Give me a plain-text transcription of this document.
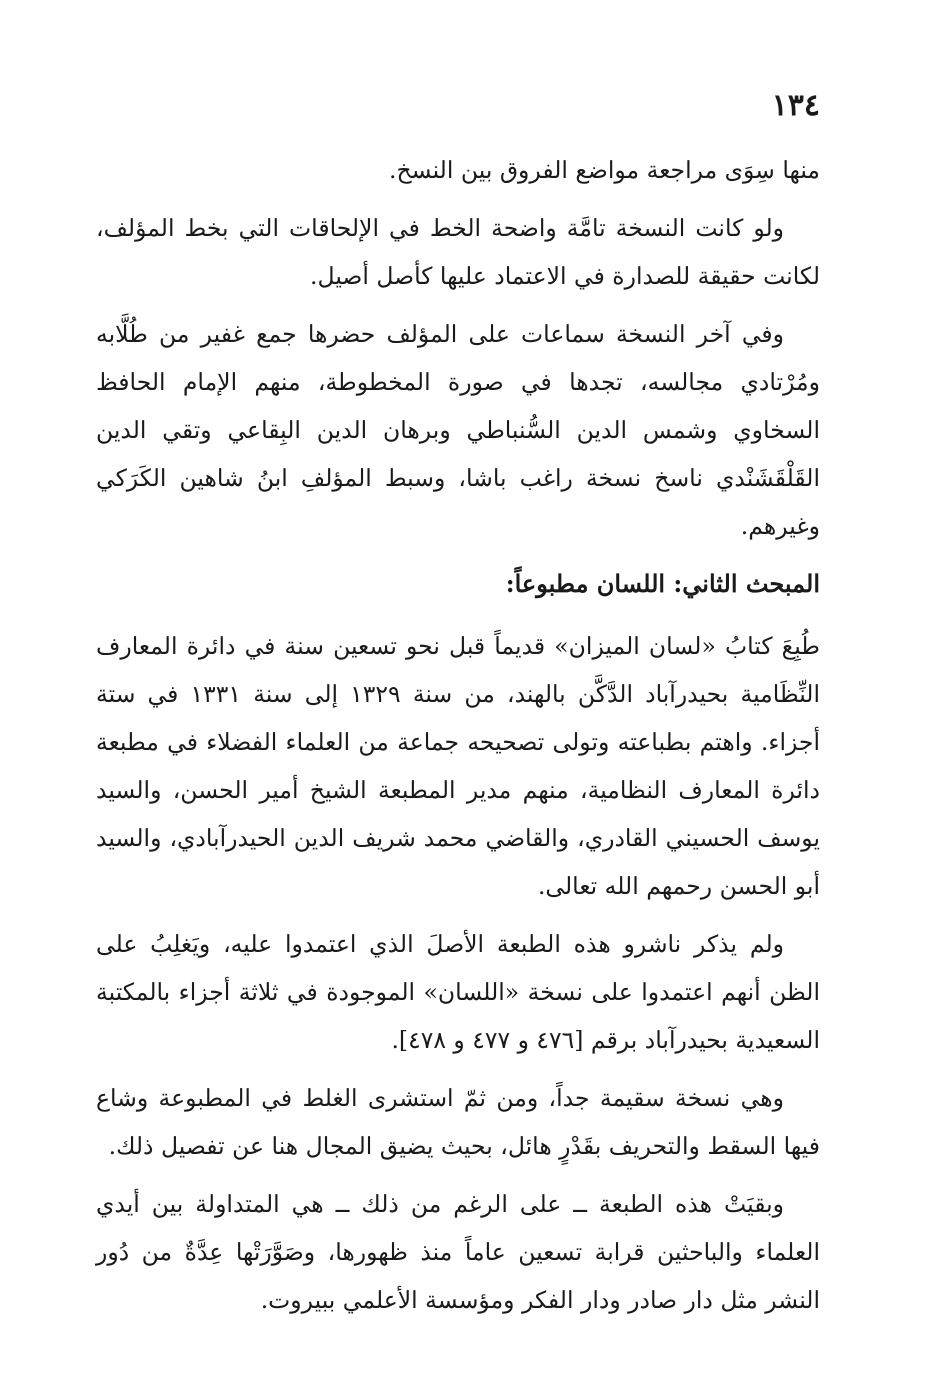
١٣٤

منها سِوَى مراجعة مواضع الفروق بين النسخ.

ولو كانت النسخة تامَّة واضحة الخط في الإلحاقات التي بخط المؤلف، لكانت حقيقة للصدارة في الاعتماد عليها كأصل أصيل.

وفي آخر النسخة سماعات على المؤلف حضرها جمع غفير من طُلَّابه ومُرْتادي مجالسه، تجدها في صورة المخطوطة، منهم الإمام الحافظ السخاوي وشمس الدين السُّنباطي وبرهان الدين البِقاعي وتقي الدين القَلْقَشَنْدي ناسخ نسخة راغب باشا، وسبط المؤلفِ ابنُ شاهين الكَرَكي وغيرهم.

المبحث الثاني: اللسان مطبوعاً:

طُبِعَ كتابُ «لسان الميزان» قديماً قبل نحو تسعين سنة في دائرة المعارف النِّظَامية بحيدرآباد الدَّكَّن بالهند، من سنة ١٣٢٩ إلى سنة ١٣٣١ في ستة أجزاء. واهتم بطباعته وتولى تصحيحه جماعة من العلماء الفضلاء في مطبعة دائرة المعارف النظامية، منهم مدير المطبعة الشيخ أمير الحسن، والسيد يوسف الحسيني القادري، والقاضي محمد شريف الدين الحيدرآبادي، والسيد أبو الحسن رحمهم الله تعالى.

ولم يذكر ناشرو هذه الطبعة الأصلَ الذي اعتمدوا عليه، ويَغلِبُ على الظن أنهم اعتمدوا على نسخة «اللسان» الموجودة في ثلاثة أجزاء بالمكتبة السعيدية بحيدرآباد برقم [٤٧٦ و ٤٧٧ و ٤٧٨].

وهي نسخة سقيمة جداً، ومن ثمّ استشرى الغلط في المطبوعة وشاع فيها السقط والتحريف بقَدْرٍ هائل، بحيث يضيق المجال هنا عن تفصيل ذلك.

وبقيَتْ هذه الطبعة ــ على الرغم من ذلك ــ هي المتداولة بين أيدي العلماء والباحثين قرابة تسعين عاماً منذ ظهورها، وصَوَّرَتْها عِدَّةٌ من دُور النشر مثل دار صادر ودار الفكر ومؤسسة الأعلمي ببيروت.
